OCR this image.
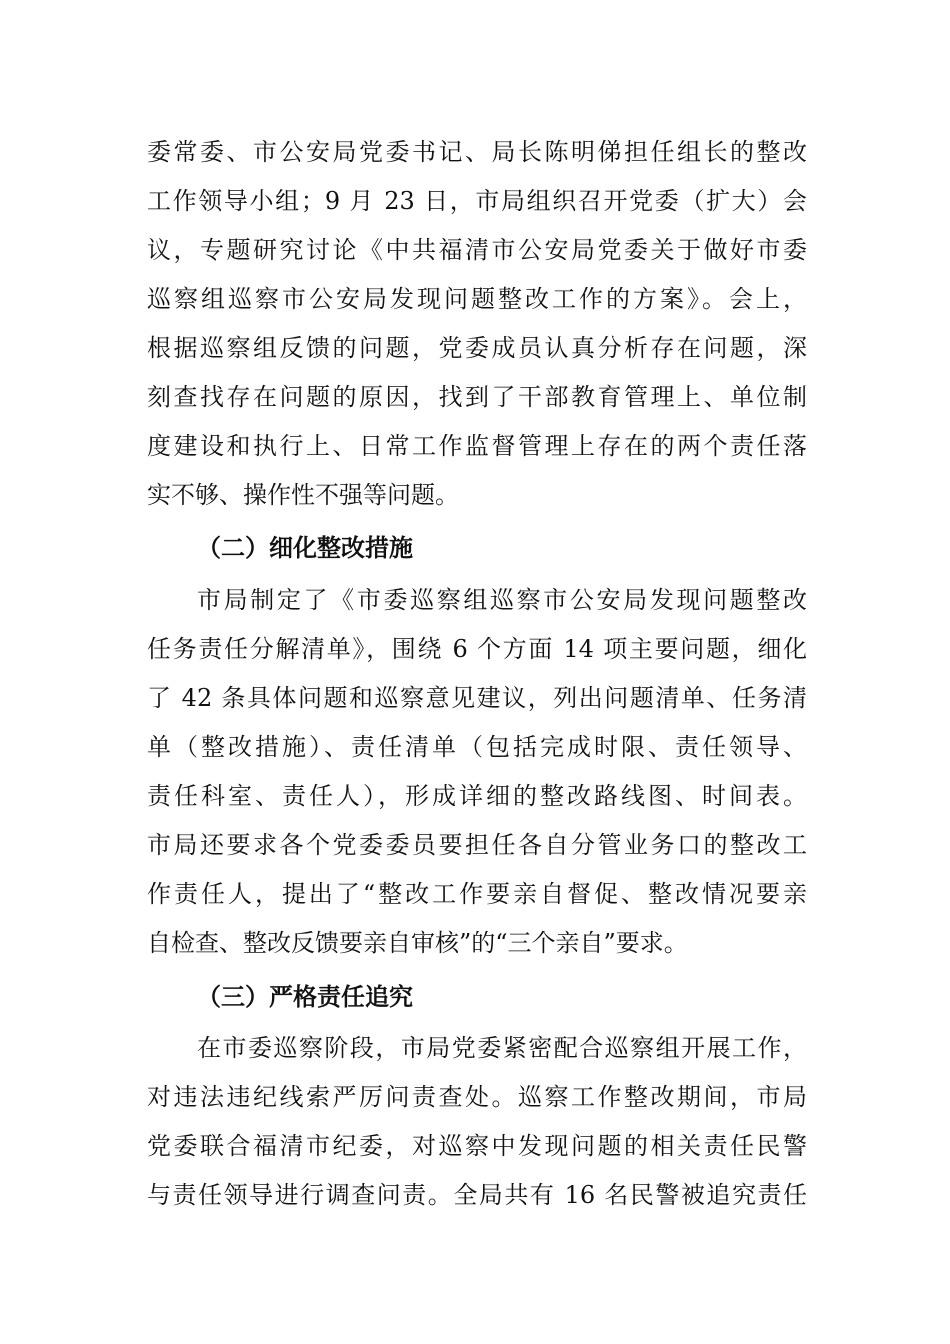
委常委、市公安局党委书记、局长陈明俤担任组长的整改
工作领导小组；9 月 23 日，市局组织召开党委（扩大）会
议，专题研究讨论《中共福清市公安局党委关于做好市委
巡察组巡察市公安局发现问题整改工作的方案》。会上，
根据巡察组反馈的问题，党委成员认真分析存在问题，深
刻查找存在问题的原因，找到了干部教育管理上、单位制
度建设和执行上、日常工作监督管理上存在的两个责任落
实不够、操作性不强等问题。
（二）细化整改措施
市局制定了《市委巡察组巡察市公安局发现问题整改
任务责任分解清单》，围绕 6 个方面 14 项主要问题，细化
了 42 条具体问题和巡察意见建议，列出问题清单、任务清
单（整改措施）、责任清单（包括完成时限、责任领导、
责任科室、责任人），形成详细的整改路线图、时间表。
市局还要求各个党委委员要担任各自分管业务口的整改工
作责任人，提出了“整改工作要亲自督促、整改情况要亲
自检查、整改反馈要亲自审核”的“三个亲自”要求。
（三）严格责任追究
在市委巡察阶段，市局党委紧密配合巡察组开展工作，
对违法违纪线索严厉问责查处。巡察工作整改期间，市局
党委联合福清市纪委，对巡察中发现问题的相关责任民警
与责任领导进行调查问责。全局共有 16 名民警被追究责任
